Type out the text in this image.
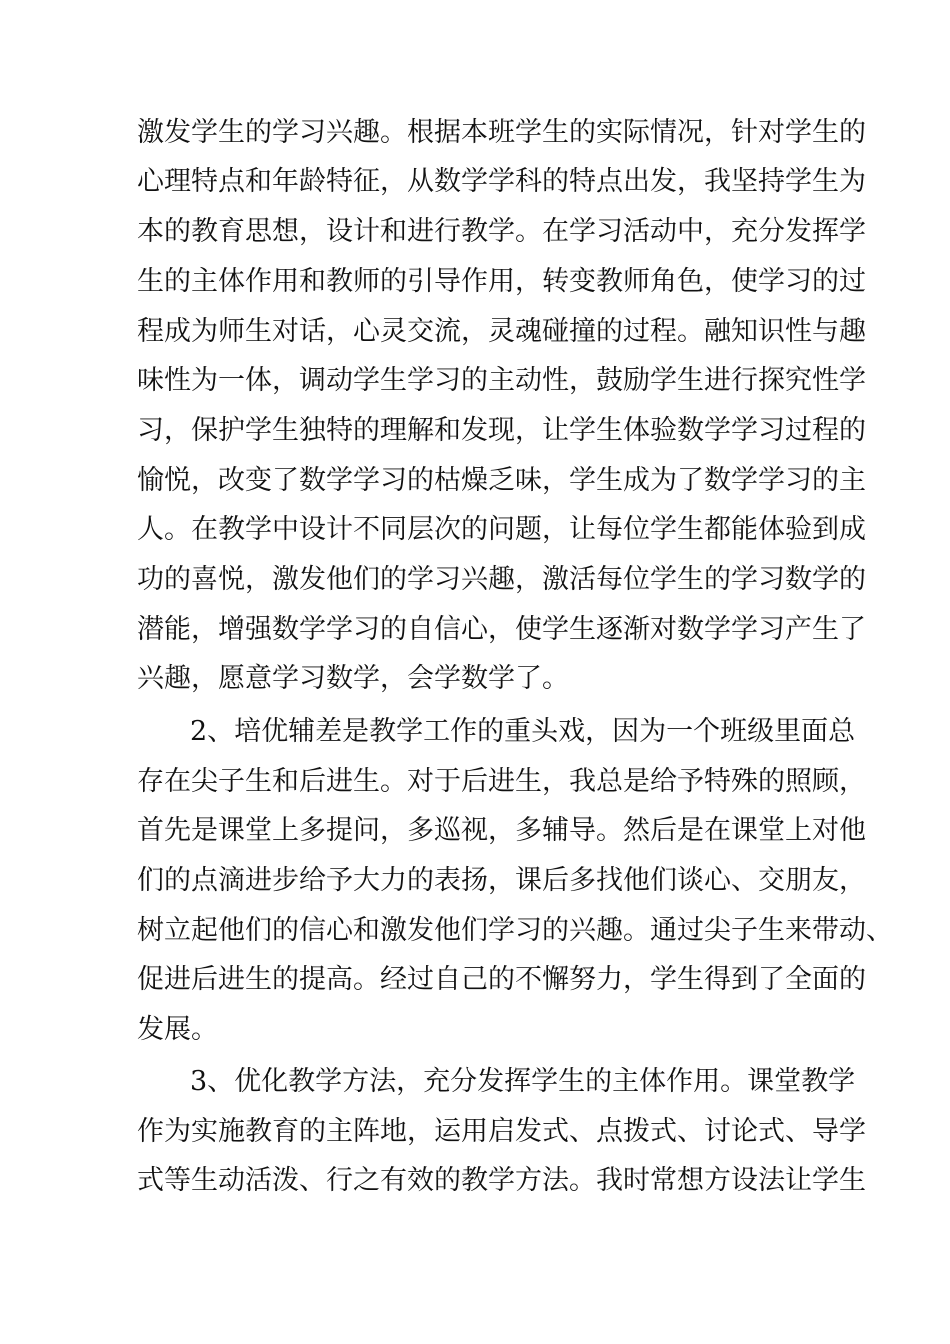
激发学生的学习兴趣。根据本班学生的实际情况，针对学生的
心理特点和年龄特征，从数学学科的特点出发，我坚持学生为
本的教育思想，设计和进行教学。在学习活动中，充分发挥学
生的主体作用和教师的引导作用，转变教师角色，使学习的过
程成为师生对话，心灵交流，灵魂碰撞的过程。融知识性与趣
味性为一体，调动学生学习的主动性，鼓励学生进行探究性学
习，保护学生独特的理解和发现，让学生体验数学学习过程的
愉悦，改变了数学学习的枯燥乏味，学生成为了数学学习的主
人。在教学中设计不同层次的问题，让每位学生都能体验到成
功的喜悦，激发他们的学习兴趣，激活每位学生的学习数学的
潜能，增强数学学习的自信心，使学生逐渐对数学学习产生了
兴趣，愿意学习数学，会学数学了。
2、培优辅差是教学工作的重头戏，因为一个班级里面总
存在尖子生和后进生。对于后进生，我总是给予特殊的照顾，
首先是课堂上多提问，多巡视，多辅导。然后是在课堂上对他
们的点滴进步给予大力的表扬，课后多找他们谈心、交朋友，
树立起他们的信心和激发他们学习的兴趣。通过尖子生来带动、
促进后进生的提高。经过自己的不懈努力，学生得到了全面的
发展。
3、优化教学方法，充分发挥学生的主体作用。课堂教学
作为实施教育的主阵地，运用启发式、点拨式、讨论式、导学
式等生动活泼、行之有效的教学方法。我时常想方设法让学生
